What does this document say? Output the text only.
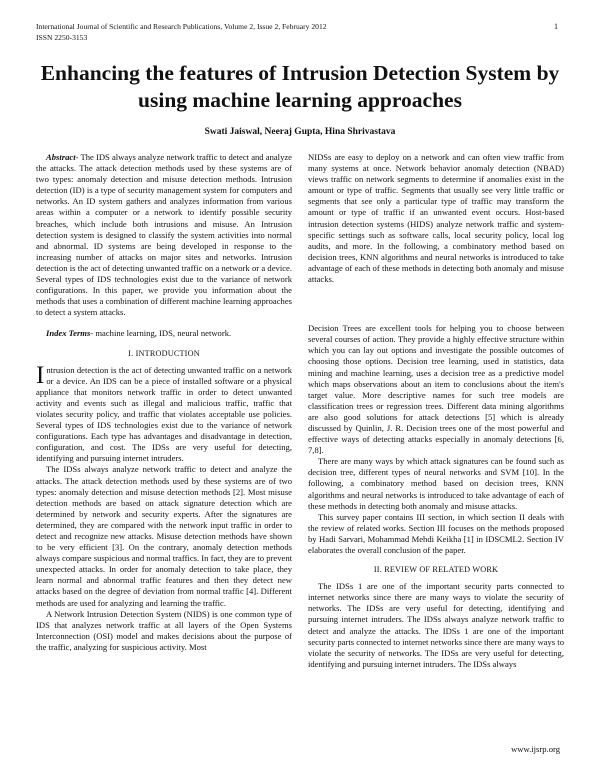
International Journal of Scientific and Research Publications, Volume 2, Issue 2, February 2012
ISSN 2250-3153
1
Enhancing the features of Intrusion Detection System by using machine learning approaches
Swati Jaiswal, Neeraj Gupta, Hina Shrivastava

Abstract- The IDS always analyze network traffic to detect and analyze the attacks. The attack detection methods used by these systems are of two types: anomaly detection and misuse detection methods. Intrusion detection (ID) is a type of security management system for computers and networks. An ID system gathers and analyzes information from various areas within a computer or a network to identify possible security breaches, which include both intrusions and misuse. An Intrusion detection system is designed to classify the system activities into normal and abnormal. ID systems are being developed in response to the increasing number of attacks on major sites and networks. Intrusion detection is the act of detecting unwanted traffic on a network or a device. Several types of IDS technologies exist due to the variance of network configurations. In this paper, we provide you information about the methods that uses a combination of different machine learning approaches to detect a system attacks.

Index Terms- machine learning, IDS, neural network.

I. INTRODUCTION

Intrusion detection is the act of detecting unwanted traffic on a network or a device. An IDS can be a piece of installed software or a physical appliance that monitors network traffic in order to detect unwanted activity and events such as illegal and malicious traffic, traffic that violates security policy, and traffic that violates acceptable use policies. Several types of IDS technologies exist due to the variance of network configurations. Each type has advantages and disadvantage in detection, configuration, and cost. The IDSs are very useful for detecting, identifying and pursuing internet intruders.

The IDSs always analyze network traffic to detect and analyze the attacks. The attack detection methods used by these systems are of two types: anomaly detection and misuse detection methods [2]. Most misuse detection methods are based on attack signature detection which are determined by network and security experts. After the signatures are determined, they are compared with the network input traffic in order to detect and recognize new attacks. Misuse detection methods have shown to be very efficient [3]. On the contrary, anomaly detection methods always compare suspicious and normal traffics. In fact, they are to prevent unexpected attacks. In order for anomaly detection to take place, they learn normal and abnormal traffic features and then they detect new attacks based on the degree of deviation from normal traffic [4]. Different methods are used for analyzing and learning the traffic.

A Network Intrusion Detection System (NIDS) is one common type of IDS that analyzes network traffic at all layers of the Open Systems Interconnection (OSI) model and makes decisions about the purpose of the traffic, analyzing for suspicious activity. Most

NIDSs are easy to deploy on a network and can often view traffic from many systems at once. Network behavior anomaly detection (NBAD) views traffic on network segments to determine if anomalies exist in the amount or type of traffic. Segments that usually see very little traffic or segments that see only a particular type of traffic may transform the amount or type of traffic if an unwanted event occurs. Host-based intrusion detection systems (HIDS) analyze network traffic and system-specific settings such as software calls, local security policy, local log audits, and more. In the following, a combinatory method based on decision trees, KNN algorithms and neural networks is introduced to take advantage of each of these methods in detecting both anomaly and misuse attacks.

Decision Trees are excellent tools for helping you to choose between several courses of action. They provide a highly effective structure within which you can lay out options and investigate the possible outcomes of choosing those options. Decision tree learning, used in statistics, data mining and machine learning, uses a decision tree as a predictive model which maps observations about an item to conclusions about the item's target value. More descriptive names for such tree models are classification trees or regression trees. Different data mining algorithms are also good solutions for attack detections [5] which is already discussed by Quinlin, J. R. Decision trees one of the most powerful and effective ways of detecting attacks especially in anomaly detections [6, 7,8].

There are many ways by which attack signatures can be found such as decision tree, different types of neural networks and SVM [10]. In the following, a combinatory method based on decision trees, KNN algorithms and neural networks is introduced to take advantage of each of these methods in detecting both anomaly and misuse attacks.

This survey paper contains III section, in which section II deals with the review of related works. Section III focuses on the methods proposed by Hadi Sarvari, Mohammad Mehdi Keikha [1] in IDSCML2. Section IV elaborates the overall conclusion of the paper.

II. REVIEW OF RELATED WORK

The IDSs 1 are one of the important security parts connected to internet networks since there are many ways to violate the security of networks. The IDSs are very useful for detecting, identifying and pursuing internet intruders. The IDSs always analyze network traffic to detect and analyze the attacks. The IDSs 1 are one of the important security parts connected to internet networks since there are many ways to violate the security of networks. The IDSs are very useful for detecting, identifying and pursuing internet intruders. The IDSs always

www.ijsrp.org
